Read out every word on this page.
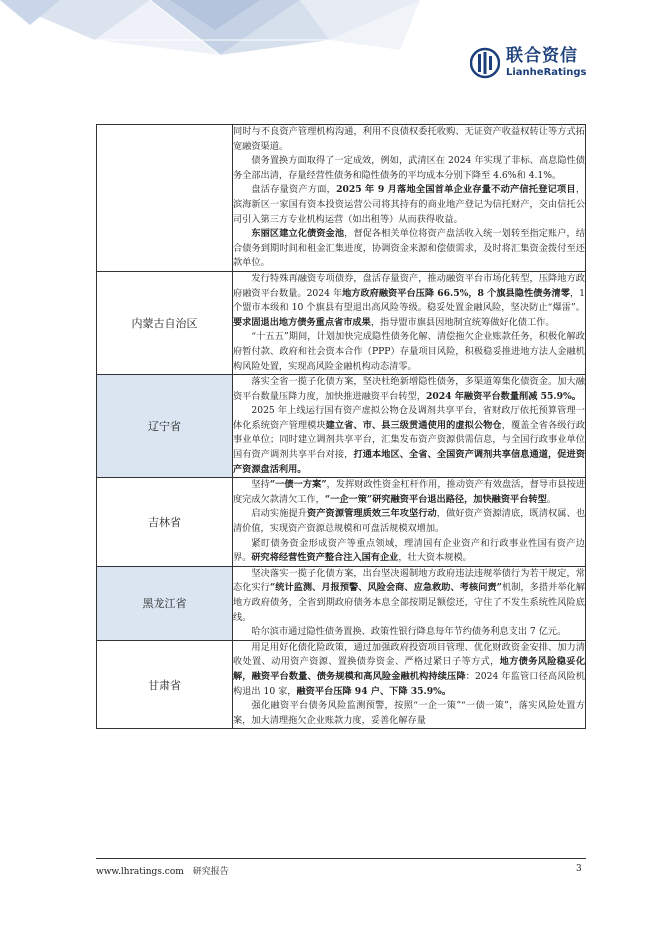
联合资信
LianheRatings

	同时与不良资产管理机构沟通，利用不良债权委托收购、无证资产收益权转让等方式拓宽融资渠道。

债务置换方面取得了一定成效，例如，武清区在 2024 年实现了非标、高息隐性债务全部出清，存量经营性债务和隐性债务的平均成本分别下降至 4.6%和 4.1%。

盘活存量资产方面，2025 年 9 月落地全国首单企业存量不动产信托登记项目，滨海新区一家国有资本投资运营公司将其持有的商业地产登记为信托财产，交由信托公司引入第三方专业机构运营（如出租等）从而获得收益。

东丽区建立化债资金池，督促各相关单位将资产盘活收入统一划转至指定账户，结合债务到期时间和租金汇集进度，协调资金来源和偿债需求，及时将汇集资金拨付至还款单位。

内蒙古自治区	发行特殊再融资专项债券，盘活存量资产，推动融资平台市场化转型，压降地方政府融资平台数量。2024 年地方政府融资平台压降 66.5%，8 个旗县隐性债务清零，1 个盟市本级和 10 个旗县有望退出高风险等级。稳妥处置金融风险，坚决防止“爆雷”。要求固退出地方债务重点省市成果，指导盟市旗县因地制宜统筹做好化债工作。

“十五五”期间，计划加快完成隐性债务化解、清偿拖欠企业账款任务，积极化解政府暂付款、政府和社会资本合作（PPP）存量项目风险，积极稳妥推进地方法人金融机构风险处置，实现高风险金融机构动态清零。

辽宁省	落实全省一揽子化债方案，坚决杜绝新增隐性债务，多渠道筹集化债资金。加大融资平台数量压降力度，加快推进融资平台转型，2024 年融资平台数量削减 55.9%。

2025 年上线运行国有资产虚拟公物仓及调剂共享平台，省财政厅依托预算管理一体化系统资产管理模块建立省、市、县三级贯通使用的虚拟公物仓，覆盖全省各级行政事业单位；同时建立调剂共享平台，汇集发布资产资源供需信息，与全国行政事业单位国有资产调剂共享平台对接，打通本地区、全省、全国资产调剂共享信息通道，促进资产资源盘活利用。

吉林省	坚持“一债一方案”，发挥财政性资金杠杆作用，推动资产有效盘活，督导市县按进度完成欠款清欠工作，“一企一策”研究融资平台退出路径，加快融资平台转型。

启动实施提升资产资源管理质效三年攻坚行动，做好资产资源清底，既清权属、也清价值，实现资产资源总规模和可盘活规模双增加。

紧盯债务资金形成资产等重点领域，理清国有企业资产和行政事业性国有资产边界。研究将经营性资产整合注入国有企业，壮大资本规模。

黑龙江省	坚决落实一揽子化债方案，出台坚决遏制地方政府违法违规举债行为若干规定，常态化实行“统计监测、月报预警、风险会商、应急救助、考核问责”机制，多措并举化解地方政府债务，全省到期政府债务本息全部按期足额偿还，守住了不发生系统性风险底线。

哈尔滨市通过隐性债务置换、政策性银行降息每年节约债务利息支出 7 亿元。

甘肃省	用足用好化债化险政策，通过加强政府投资项目管理、优化财政资金安排、加力清收处置、动用资产资源、置换债券资金、严格过紧日子等方式，地方债务风险稳妥化解，融资平台数量、债务规模和高风险金融机构持续压降：2024 年监管口径高风险机构退出 10 家，融资平台压降 94 户、下降 35.9%。

强化融资平台债务风险监测预警，按照“一企一策”“一债一策”，落实风险处置方案，加大清理拖欠企业账款力度，妥善化解存量

www.lhratings.com　研究报告	3
